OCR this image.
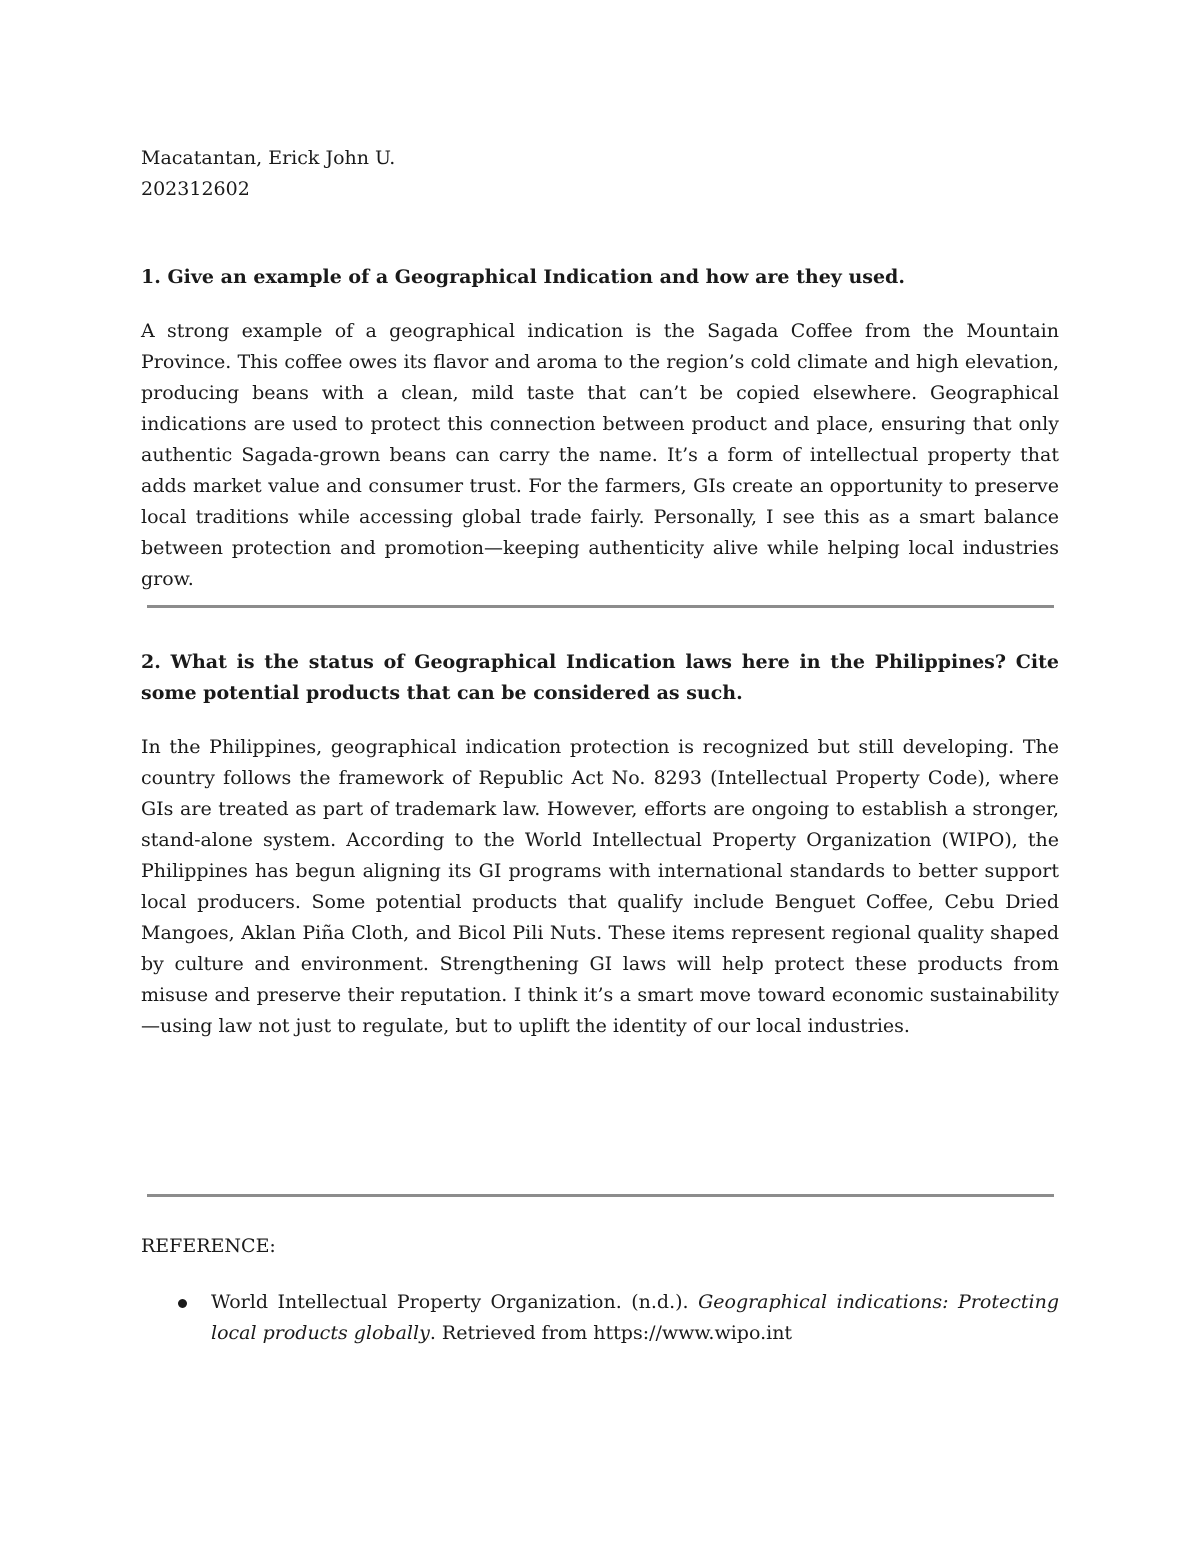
Macatantan, Erick John U.
202312602

1. Give an example of a Geographical Indication and how are they used.

A strong example of a geographical indication is the Sagada Coffee from the Mountain Province. This coffee owes its flavor and aroma to the region’s cold climate and high elevation, producing beans with a clean, mild taste that can’t be copied elsewhere. Geographical indications are used to protect this connection between product and place, ensuring that only authentic Sagada-grown beans can carry the name. It’s a form of intellectual property that adds market value and consumer trust. For the farmers, GIs create an opportunity to preserve local traditions while accessing global trade fairly. Personally, I see this as a smart balance between protection and promotion—keeping authenticity alive while helping local industries grow.

2. What is the status of Geographical Indication laws here in the Philippines? Cite some potential products that can be considered as such.

In the Philippines, geographical indication protection is recognized but still developing. The country follows the framework of Republic Act No. 8293 (Intellectual Property Code), where GIs are treated as part of trademark law. However, efforts are ongoing to establish a stronger, stand-alone system. According to the World Intellectual Property Organization (WIPO), the Philippines has begun aligning its GI programs with international standards to better support local producers. Some potential products that qualify include Benguet Coffee, Cebu Dried Mangoes, Aklan Piña Cloth, and Bicol Pili Nuts. These items represent regional quality shaped by culture and environment. Strengthening GI laws will help protect these products from misuse and preserve their reputation. I think it’s a smart move toward economic sustainability—using law not just to regulate, but to uplift the identity of our local industries.

REFERENCE:
World Intellectual Property Organization. (n.d.). Geographical indications: Protecting local products globally. Retrieved from https://www.wipo.int
